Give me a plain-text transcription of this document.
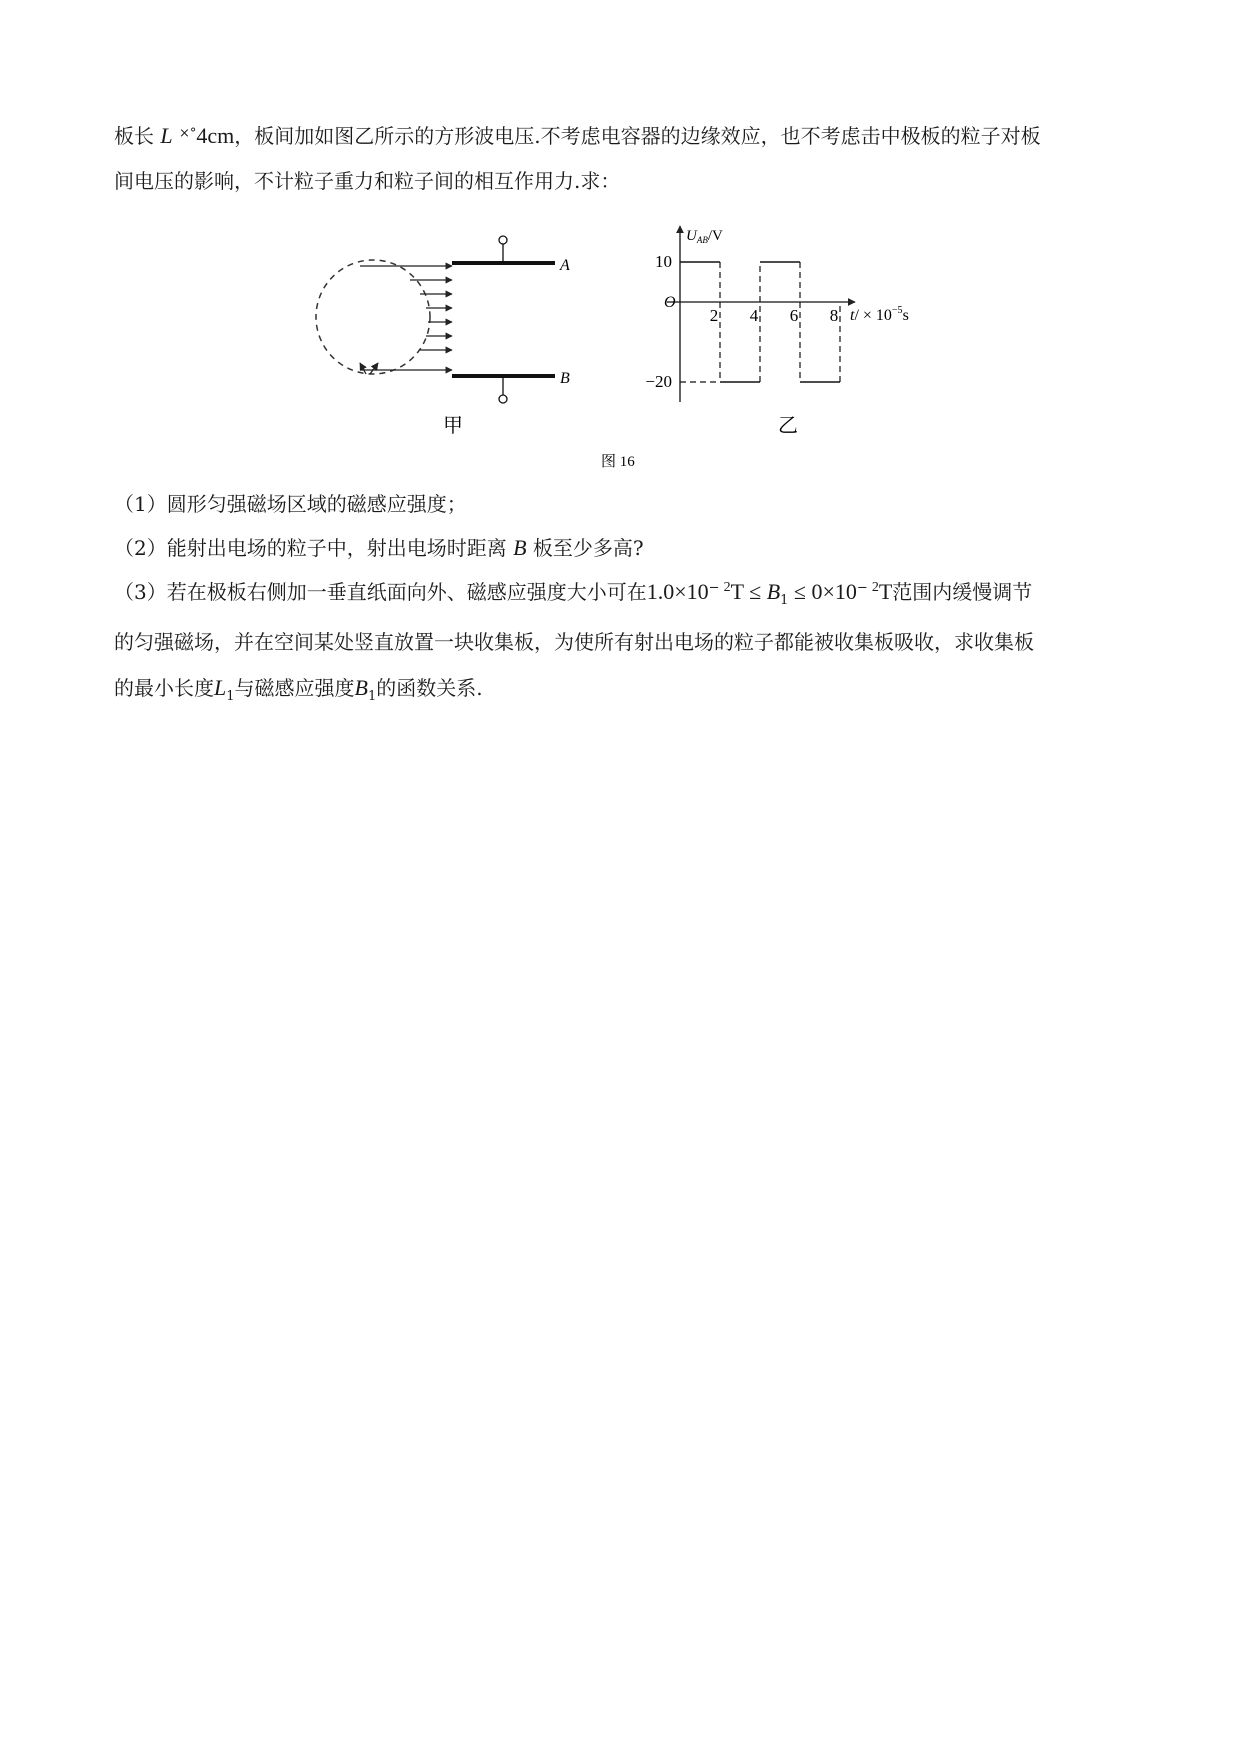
板长 L ×°4cm，板间加如图乙所示的方形波电压.不考虑电容器的边缘效应，也不考虑击中极板的粒子对板
间电压的影响，不计粒子重力和粒子间的相互作用力.求：
A
B
甲
10
−20
2 4 6 8
O
$U_{AB}/V$
$t/ \times 10^{-5}s$
乙
图 16
（1）圆形匀强磁场区域的磁感应强度；
（2）能射出电场的粒子中，射出电场时距离 B 板至少多高?
（3）若在极板右侧加一垂直纸面向外、磁感应强度大小可在1.0×10− $^2T \le B_1 \le 0\times 10^-$ $^2$T范围内缓慢调节
的匀强磁场，并在空间某处竖直放置一块收集板，为使所有射出电场的粒子都能被收集板吸收，求收集板
的最小长度$L_1$与磁感应强度$B_1$的函数关系.
